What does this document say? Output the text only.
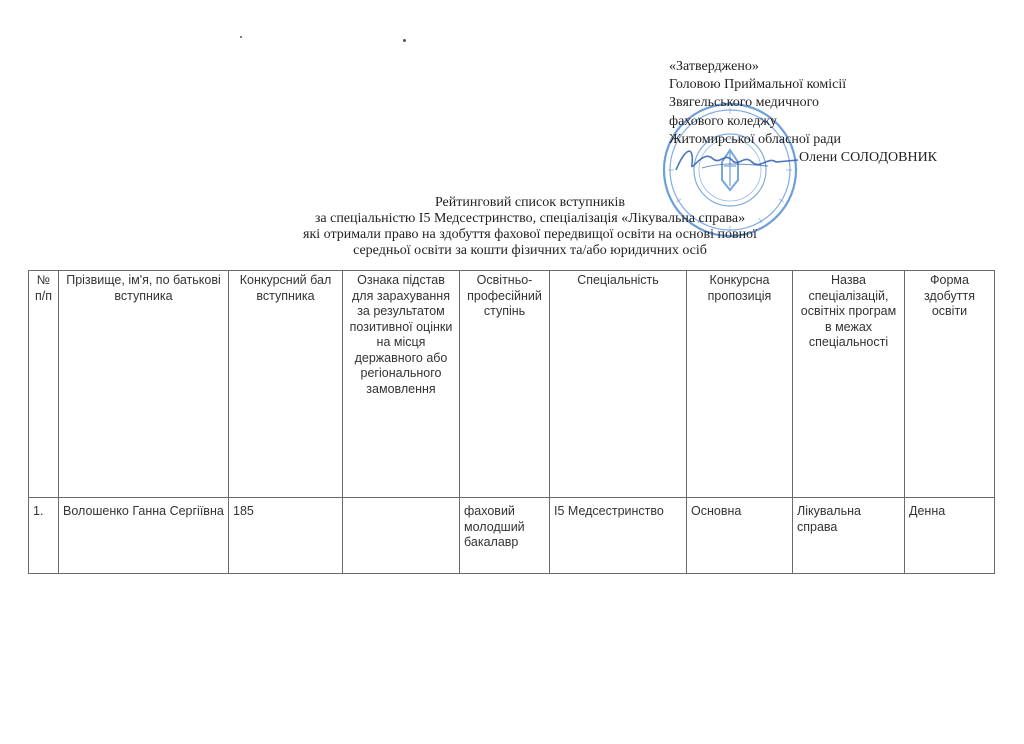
«Затверджено»
Головою Приймальної комісії
Звягельського медичного
фахового коледжу
Житомирської обласної ради
Олени СОЛОДОВНИК
Рейтинговий список вступників
за спеціальністю І5 Медсестринство, спеціалізація «Лікувальна справа»
які отримали право на здобуття фахової передвищої освіти на основі повної
середньої освіти за кошти фізичних та/або юридичних осіб
№ п/п	Прізвище, ім'я, по батькові вступника	Конкурсний бал вступника	Ознака підстав для зарахування за результатом позитивної оцінки на місця державного або регіонального замовлення	Освітньо-професійний ступінь	Спеціальність	Конкурсна пропозиція	Назва спеціалізацій, освітніх програм в межах спеціальності	Форма здобуття освіти
1.	Волошенко Ганна Сергіївна	185		фаховий молодший бакалавр	І5 Медсестринство	Основна	Лікувальна справа	Денна
